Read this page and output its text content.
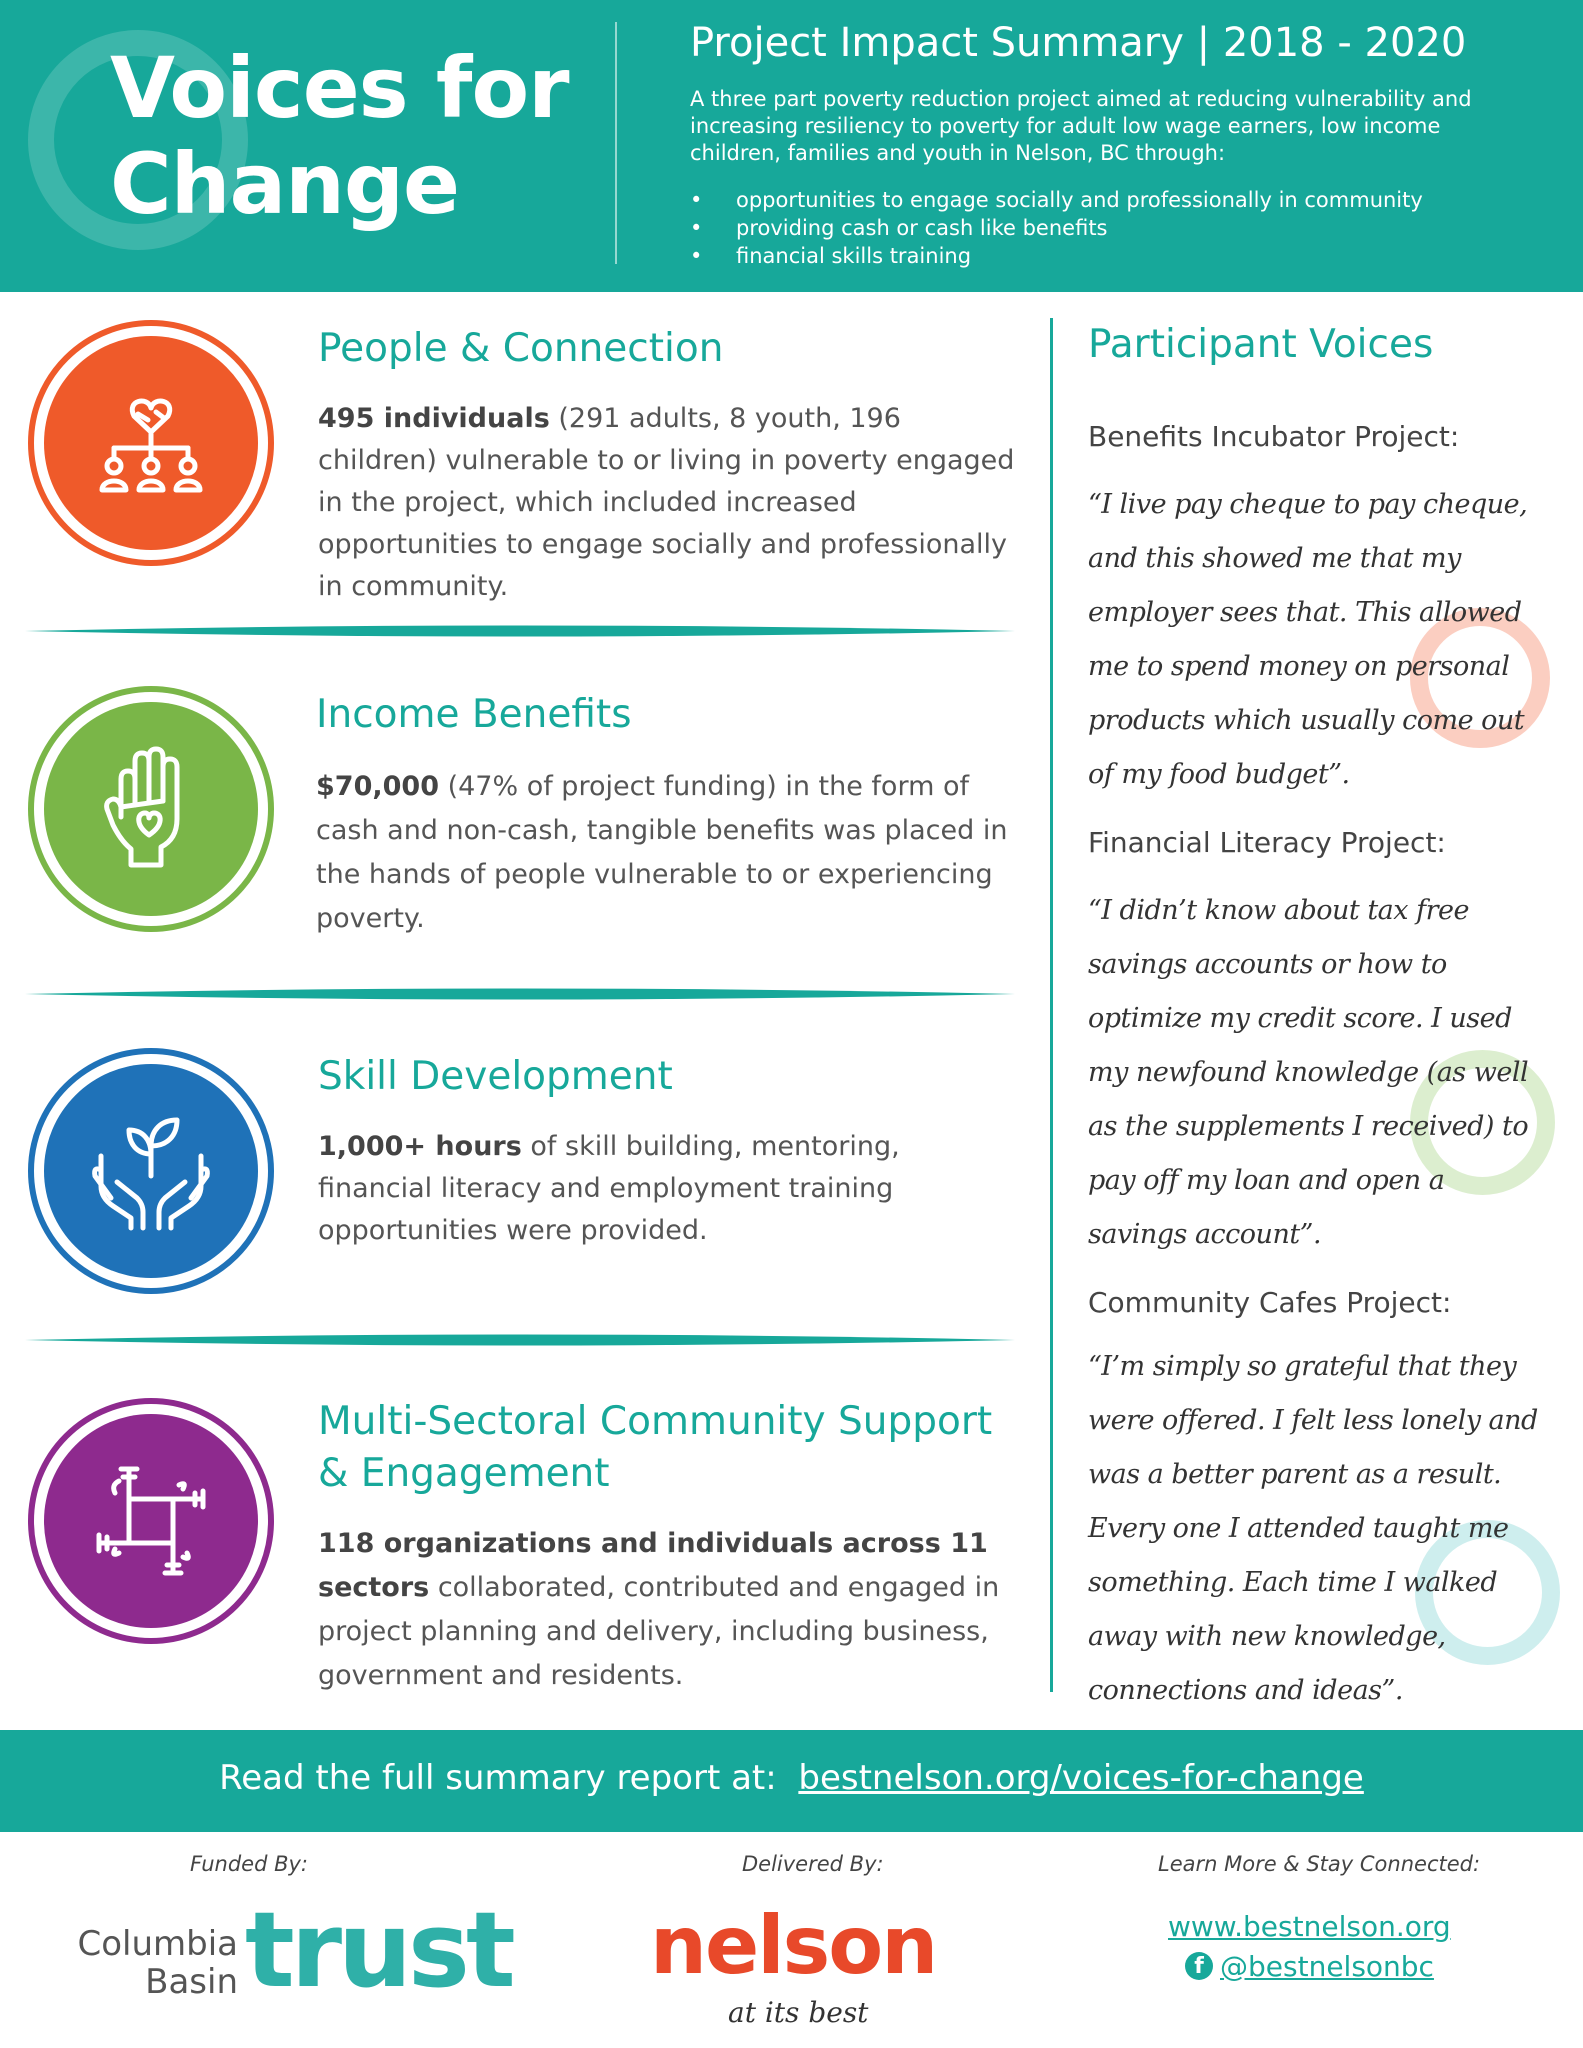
Voices for Change
Project Impact Summary | 2018 - 2020
A three part poverty reduction project aimed at reducing vulnerability and increasing resiliency to poverty for adult low wage earners, low income children, families and youth in Nelson, BC through:
• opportunities to engage socially and professionally in community
• providing cash or cash like benefits
• financial skills training
People & Connection
495 individuals (291 adults, 8 youth, 196 children) vulnerable to or living in poverty engaged in the project, which included increased opportunities to engage socially and professionally in community.
Income Benefits
$70,000 (47% of project funding) in the form of cash and non-cash, tangible benefits was placed in the hands of people vulnerable to or experiencing poverty.
Skill Development
1,000+ hours of skill building, mentoring, financial literacy and employment training opportunities were provided.
Multi-Sectoral Community Support & Engagement
118 organizations and individuals across 11 sectors collaborated, contributed and engaged in project planning and delivery, including business, government and residents.
Participant Voices
Benefits Incubator Project:
“I live pay cheque to pay cheque, and this showed me that my employer sees that. This allowed me to spend money on personal products which usually come out of my food budget”.
Financial Literacy Project:
“I didn’t know about tax free savings accounts or how to optimize my credit score. I used my newfound knowledge (as well as the supplements I received) to pay off my loan and open a savings account”.
Community Cafes Project:
“I’m simply so grateful that they were offered. I felt less lonely and was a better parent as a result. Every one I attended taught me something. Each time I walked away with new knowledge, connections and ideas”.
Read the full summary report at: bestnelson.org/voices-for-change
Funded By:
Columbia
Basin trust
Delivered By:
nelson
at its best
Learn More & Stay Connected:
www.bestnelson.org
f @bestnelsonbc
